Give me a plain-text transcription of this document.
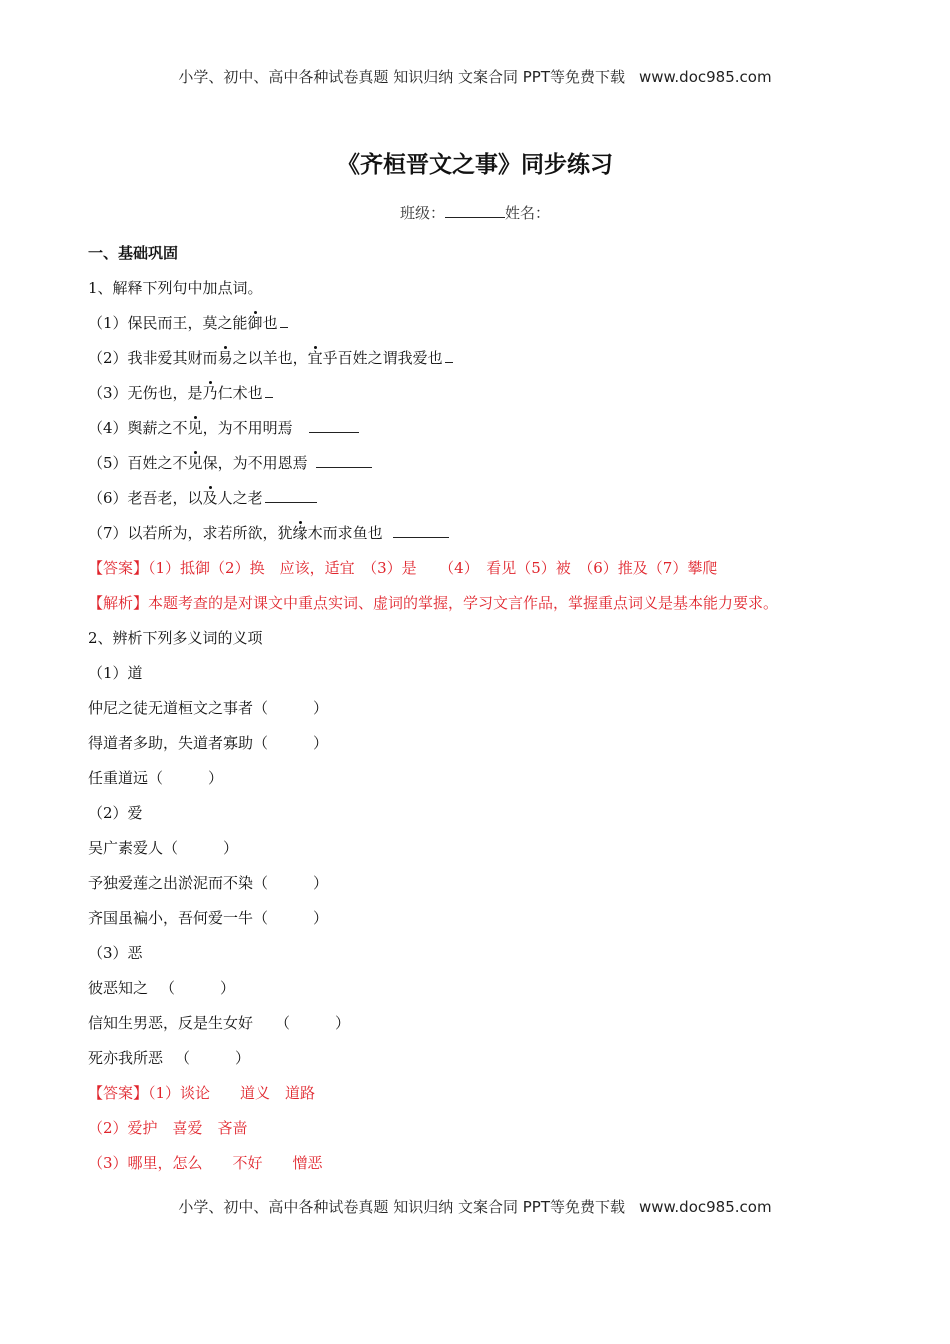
小学、初中、高中各种试卷真题 知识归纳 文案合同 PPT等免费下载 www.doc985.com
《齐桓晋文之事》同步练习
班级：	姓名：
一、基础巩固
1、解释下列句中加点词。
（1）保民而王，莫之能御也
（2）我非爱其财而易之以羊也，宜乎百姓之谓我爱也
（3）无伤也，是乃仁术也
（4）舆薪之不见，为不用明焉
（5）百姓之不见保，为不用恩焉
（6）老吾老，以及人之老
（7）以若所为，求若所欲，犹缘木而求鱼也
【答案】（1）抵御（2）换　应该，适宜　（3）是　　（4）　看见（5）被　（6）推及（7）攀爬
【解析】本题考查的是对课文中重点实词、虚词的掌握，学习文言作品，掌握重点词义是基本能力要求。
2、辨析下列多义词的义项
（1）道
仲尼之徒无道桓文之事者（　　　）
得道者多助，失道者寡助（　　　）
任重道远（　　　）
（2）爱
吴广素爱人（　　　）
予独爱莲之出淤泥而不染（　　　）
齐国虽褊小，吾何爱一牛（　　　）
（3）恶
彼恶知之 （　　　）
信知生男恶，反是生女好 （　　　）
死亦我所恶 （　　　）
【答案】（1）谈论　　道义　道路
（2）爱护　喜爱　吝啬
（3）哪里，怎么　　不好　　憎恶
小学、初中、高中各种试卷真题 知识归纳 文案合同 PPT等免费下载 www.doc985.com
